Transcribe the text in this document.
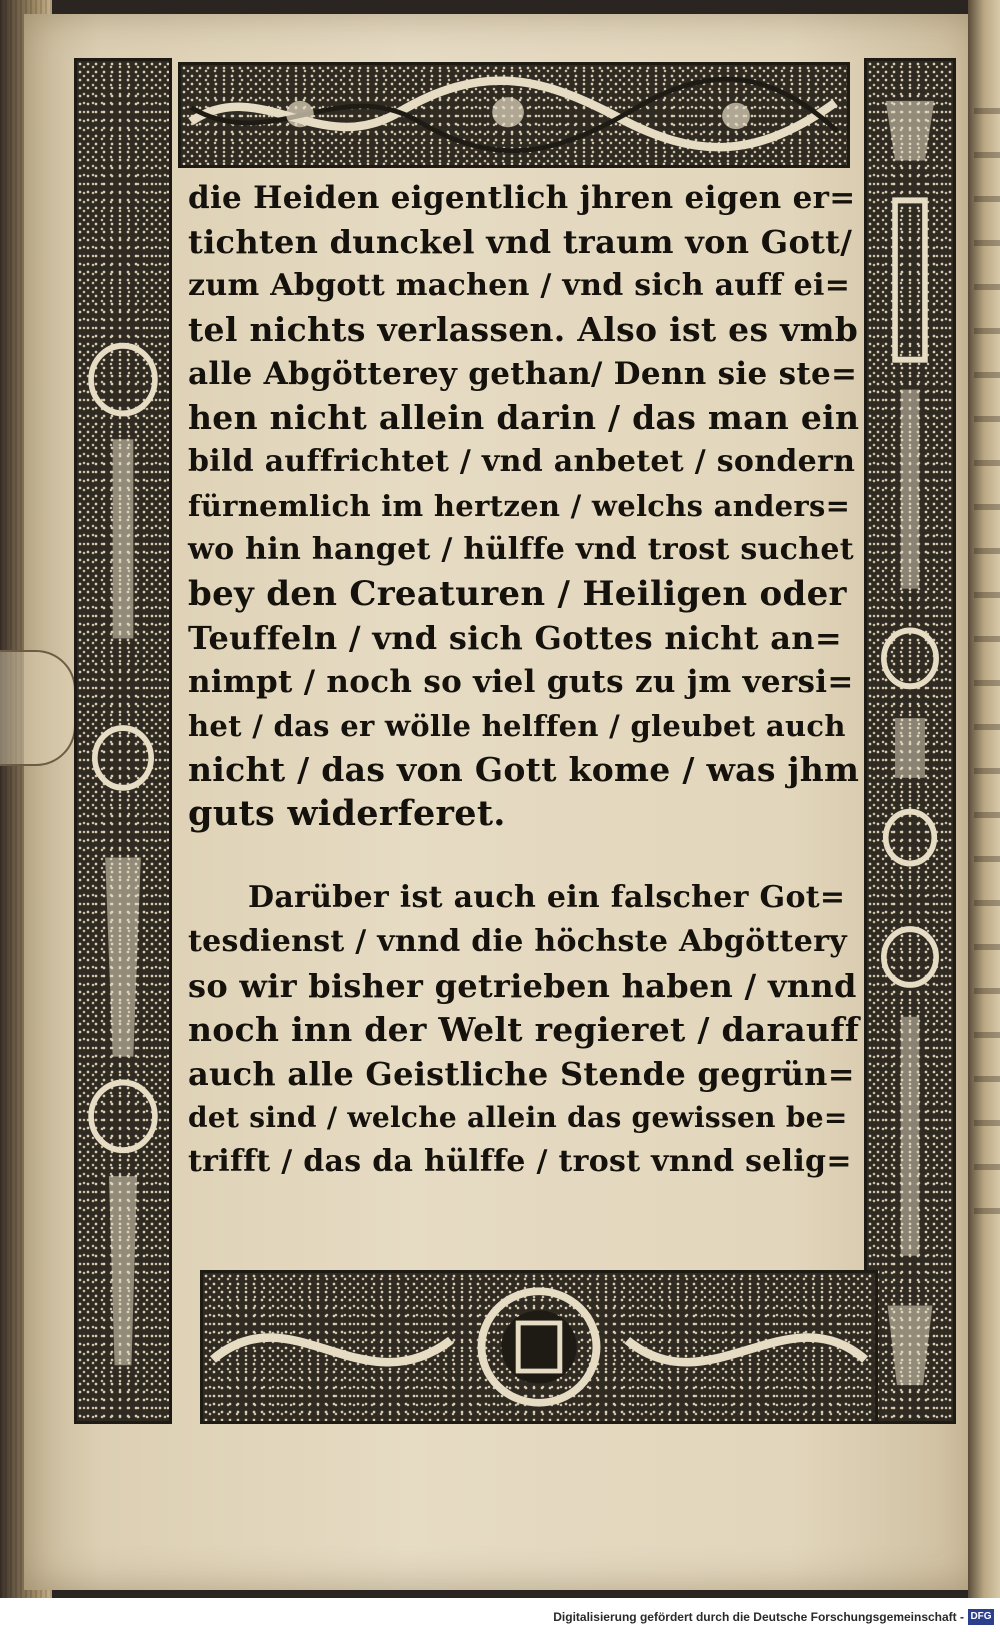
die Heiden eigentlich jhren eigen er=
tichten dunckel vnd traum von Gott/
zum Abgott machen / vnd sich auff ei=
tel nichts verlassen. Also ist es vmb
alle Abgötterey gethan/ Denn sie ste=
hen nicht allein darin / das man ein
bild auffrichtet / vnd anbetet / sondern
fürnemlich im hertzen / welchs anders=
wo hin hanget / hülffe vnd trost suchet
bey den Creaturen / Heiligen oder
Teuffeln / vnd sich Gottes nicht an=
nimpt / noch so viel guts zu jm versi=
het / das er wölle helffen / gleubet auch
nicht / das von Gott kome / was jhm
guts widerferet.
Darüber ist auch ein falscher Got=
tesdienst / vnnd die höchste Abgöttery
so wir bisher getrieben haben / vnnd
noch inn der Welt regieret / darauff
auch alle Geistliche Stende gegrün=
det sind / welche allein das gewissen be=
trifft / das da hülffe / trost vnnd selig=
Digitalisierung gefördert durch die Deutsche Forschungsgemeinschaft - DFG
